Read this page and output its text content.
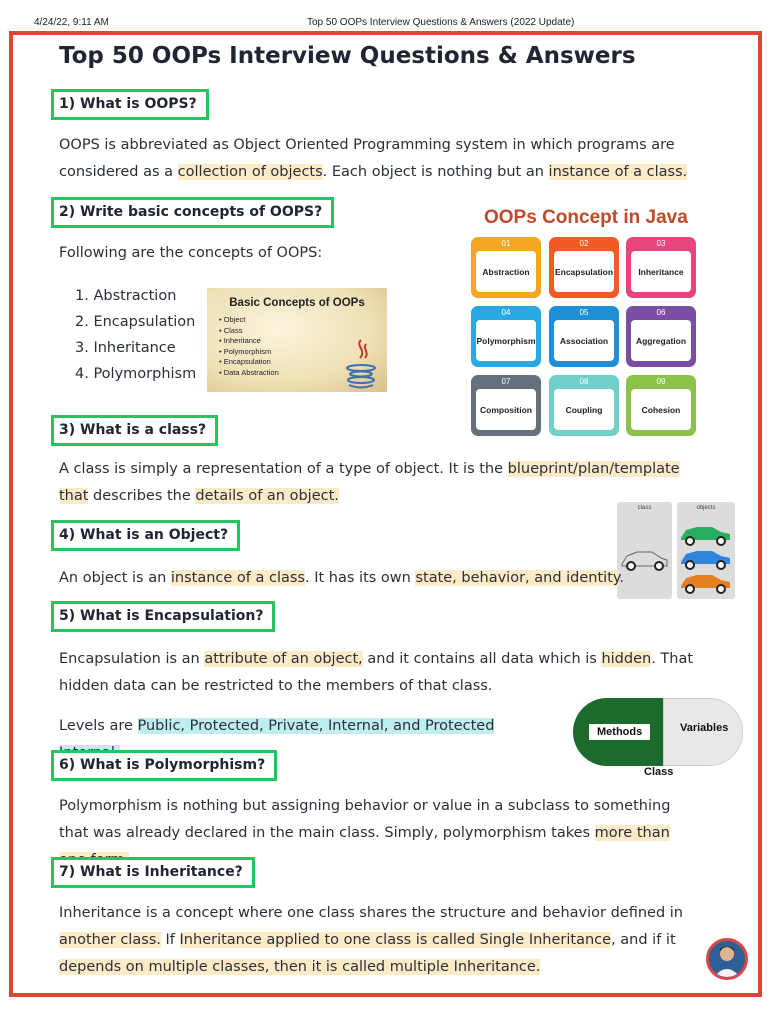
4/24/22, 9:11 AM	Top 50 OOPs Interview Questions & Answers (2022 Update)
Top 50 OOPs Interview Questions & Answers
1) What is OOPS?

OOPS is abbreviated as Object Oriented Programming system in which programs are considered as a collection of objects. Each object is nothing but an instance of a class.

2) Write basic concepts of OOPS?

Following are the concepts of OOPS:

1. Abstraction
2. Encapsulation
3. Inheritance
4. Polymorphism
Basic Concepts of OOPs
• Object
• Class
• Inheritance
• Polymorphism
• Encapsulation
• Data Abstraction
OOPs Concept in Java
01
Abstraction
02
Encapsulation
03
Inheritance
04
Polymorphism
05
Association
06
Aggregation
07
Composition
08
Coupling
09
Cohesion
3) What is a class?

A class is simply a representation of a type of object. It is the blueprint/plan/template that describes the details of an object.

class	objects
4) What is an Object?

An object is an instance of a class. It has its own state, behavior, and identity.

5) What is Encapsulation?

Encapsulation is an attribute of an object, and it contains all data which is hidden. That hidden data can be restricted to the members of that class.

Levels are Public, Protected, Private, Internal, and Protected	Methods	Variables
Class
6) What is Polymorphism?

Polymorphism is nothing but assigning behavior or value in a subclass to something that was already declared in the main class. Simply, polymorphism takes more than

7) What is Inheritance?

Inheritance is a concept where one class shares the structure and behavior defined in another class. If Inheritance applied to one class is called Single Inheritance, and if it depends on multiple classes, then it is called multiple Inheritance.
